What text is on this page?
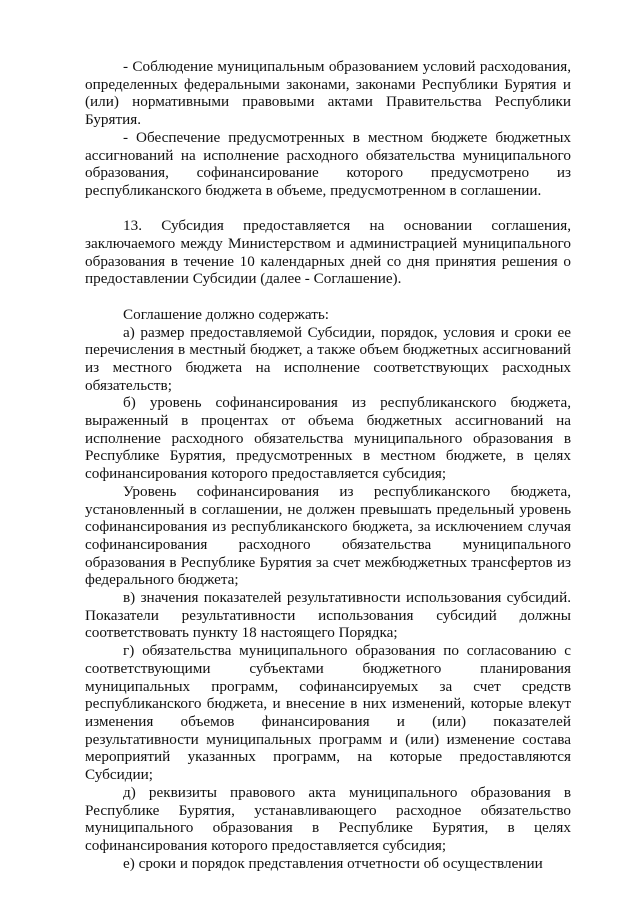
- Соблюдение муниципальным образованием условий расходования, определенных федеральными законами, законами Республики Бурятия и (или) нормативными правовыми актами Правительства Республики Бурятия.

- Обеспечение предусмотренных в местном бюджете бюджетных ассигнований на исполнение расходного обязательства муниципального образования, софинансирование которого предусмотрено из республиканского бюджета в объеме, предусмотренном в соглашении.

13. Субсидия предоставляется на основании соглашения, заключаемого между Министерством и администрацией муниципального образования в течение 10 календарных дней со дня принятия решения о предоставлении Субсидии (далее - Соглашение).

Соглашение должно содержать:

а) размер предоставляемой Субсидии, порядок, условия и сроки ее перечисления в местный бюджет, а также объем бюджетных ассигнований из местного бюджета на исполнение соответствующих расходных обязательств;

б) уровень софинансирования из республиканского бюджета, выраженный в процентах от объема бюджетных ассигнований на исполнение расходного обязательства муниципального образования в Республике Бурятия, предусмотренных в местном бюджете, в целях софинансирования которого предоставляется субсидия;

Уровень софинансирования из республиканского бюджета, установленный в соглашении, не должен превышать предельный уровень софинансирования из республиканского бюджета, за исключением случая софинансирования расходного обязательства муниципального образования в Республике Бурятия за счет межбюджетных трансфертов из федерального бюджета;

в) значения показателей результативности использования субсидий. Показатели результативности использования субсидий должны соответствовать пункту 18 настоящего Порядка;

г) обязательства муниципального образования по согласованию с соответствующими субъектами бюджетного планирования муниципальных программ, софинансируемых за счет средств республиканского бюджета, и внесение в них изменений, которые влекут изменения объемов финансирования и (или) показателей результативности муниципальных программ и (или) изменение состава мероприятий указанных программ, на которые предоставляются Субсидии;

д) реквизиты правового акта муниципального образования в Республике Бурятия, устанавливающего расходное обязательство муниципального образования в Республике Бурятия, в целях софинансирования которого предоставляется субсидия;

е) сроки и порядок представления отчетности об осуществлении
